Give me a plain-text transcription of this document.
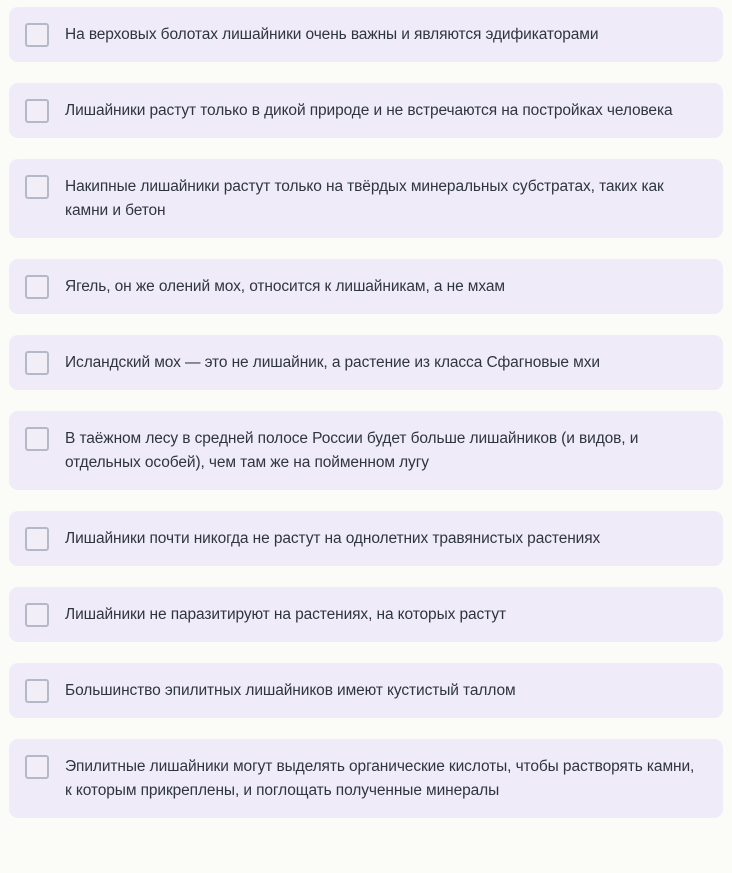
На верховых болотах лишайники очень важны и являются эдификаторами
Лишайники растут только в дикой природе и не встречаются на постройках человека
Накипные лишайники растут только на твёрдых минеральных субстратах, таких как камни и бетон
Ягель, он же олений мох, относится к лишайникам, а не мхам
Исландский мох — это не лишайник, а растение из класса Сфагновые мхи
В таёжном лесу в средней полосе России будет больше лишайников (и видов, и отдельных особей), чем там же на пойменном лугу
Лишайники почти никогда не растут на однолетних травянистых растениях
Лишайники не паразитируют на растениях, на которых растут
Большинство эпилитных лишайников имеют кустистый таллом
Эпилитные лишайники могут выделять органические кислоты, чтобы растворять камни, к которым прикреплены, и поглощать полученные минералы
